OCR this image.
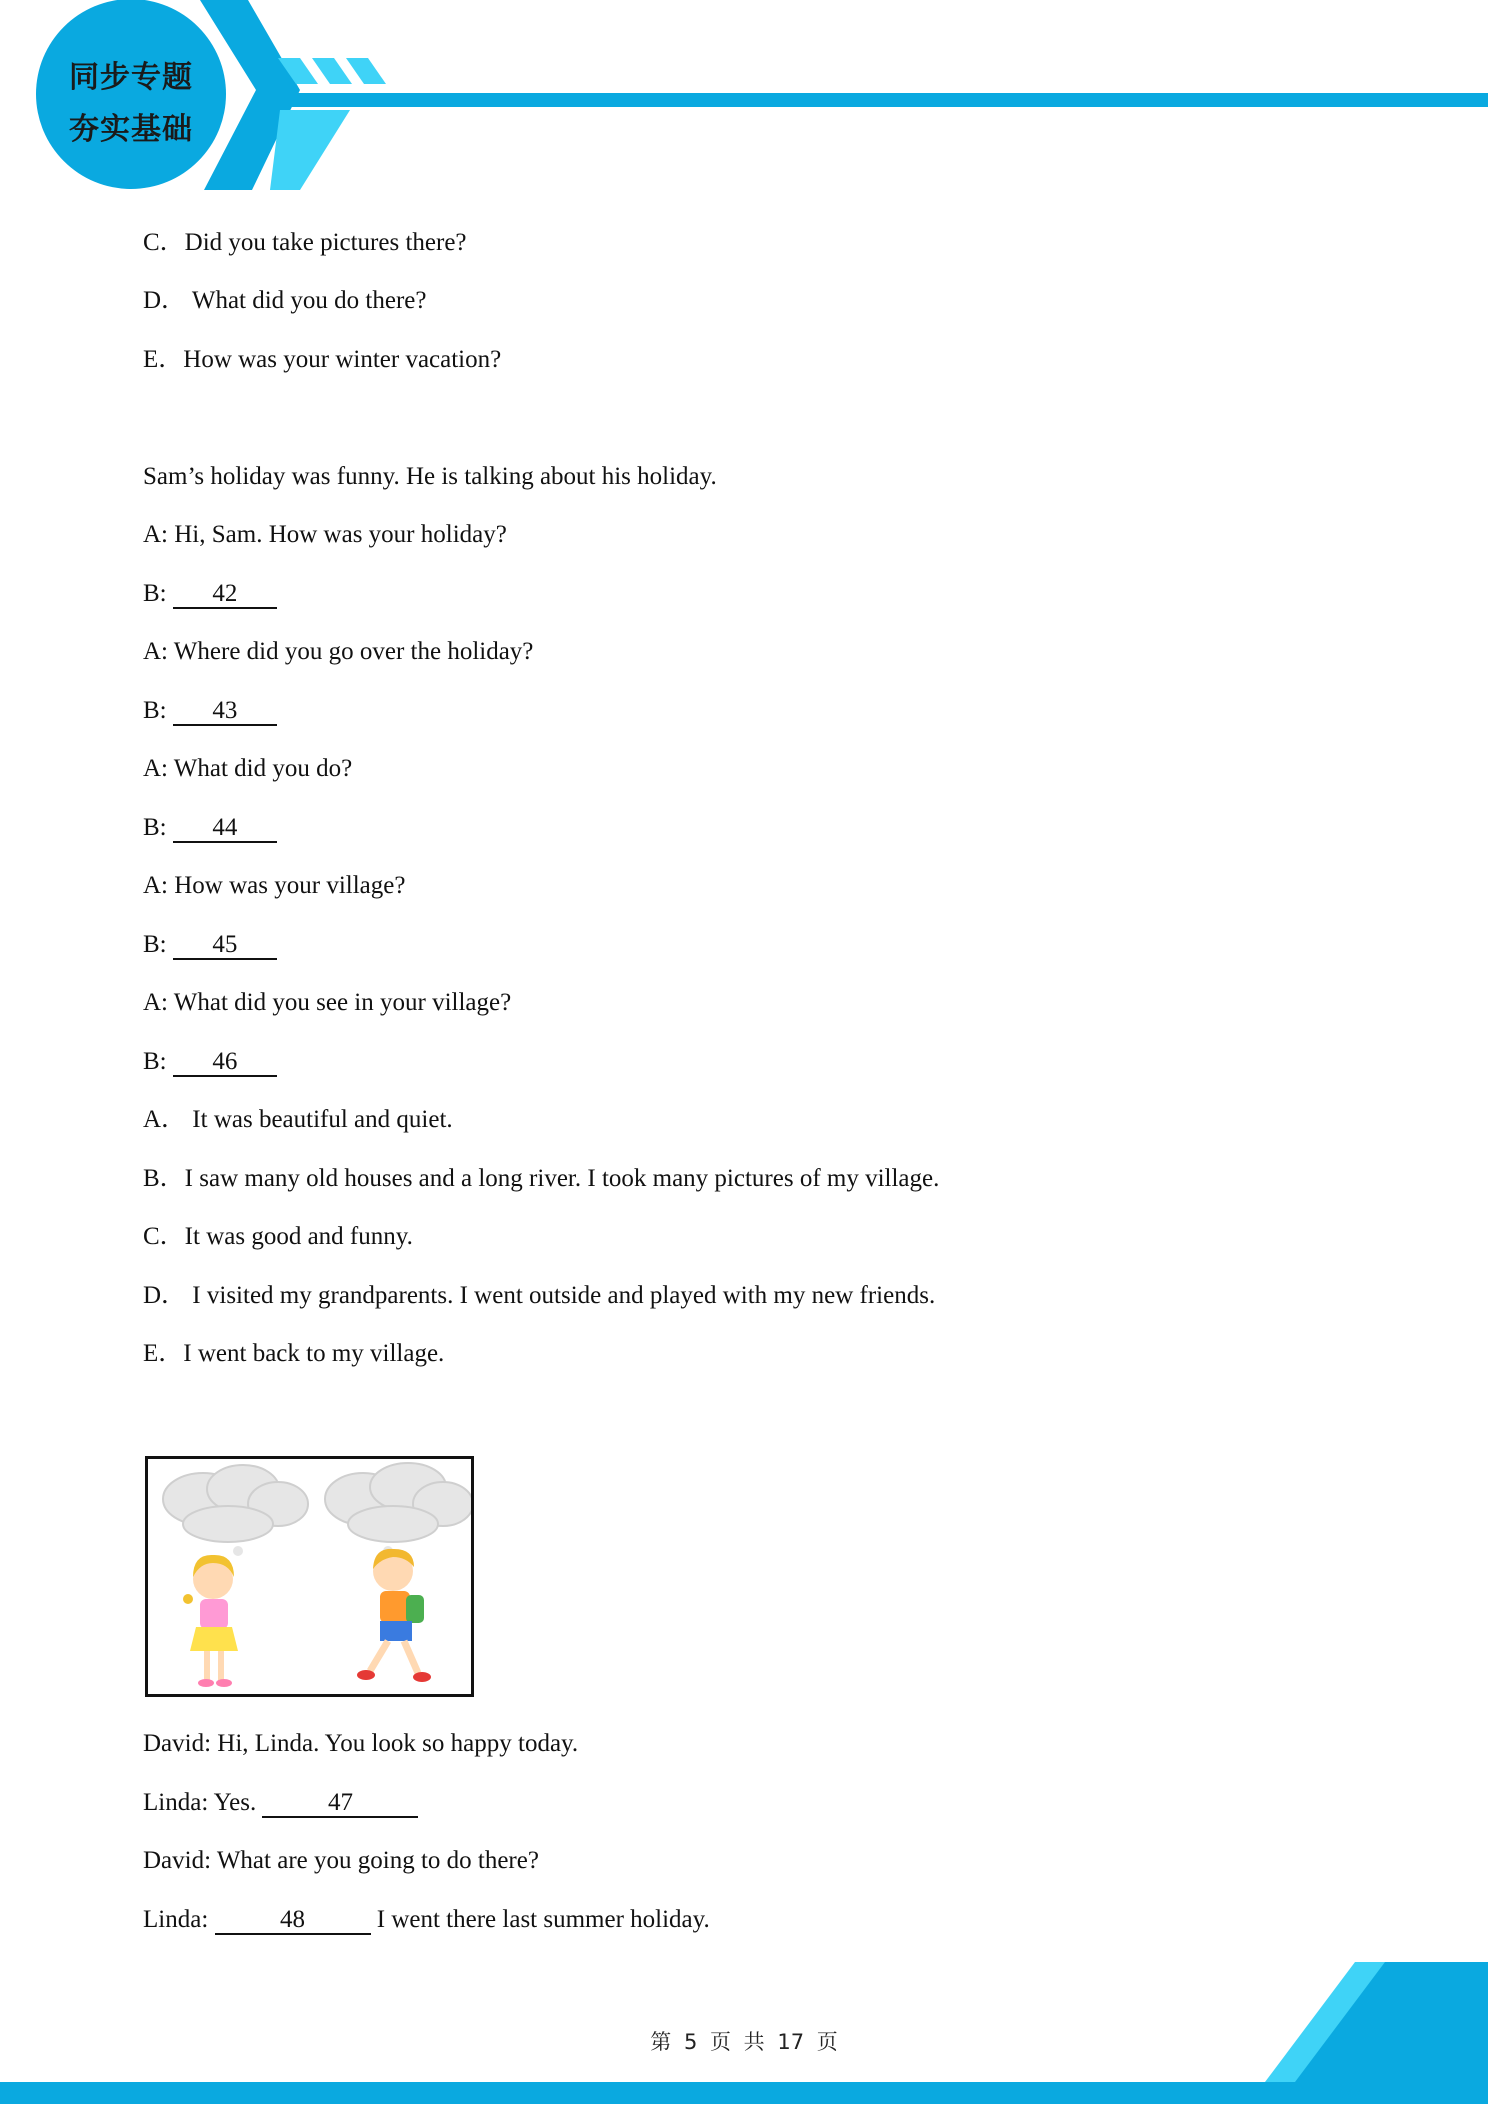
同步专题
夯实基础
C．Did you take pictures there?
D． What did you do there?
E．How was your winter vacation?
Sam’s holiday was funny. He is talking about his holiday.
A: Hi, Sam. How was your holiday?
B: 42
A: Where did you go over the holiday?
B: 43
A: What did you do?
B: 44
A: How was your village?
B: 45
A: What did you see in your village?
B: 46
A． It was beautiful and quiet.
B．I saw many old houses and a long river. I took many pictures of my village.
C．It was good and funny.
D． I visited my grandparents. I went outside and played with my new friends.
E．I went back to my village.
David: Hi, Linda. You look so happy today.
Linda: Yes.	47
David: What are you going to do there?
Linda:	48	I went there last summer holiday.
第 5 页 共 17 页
